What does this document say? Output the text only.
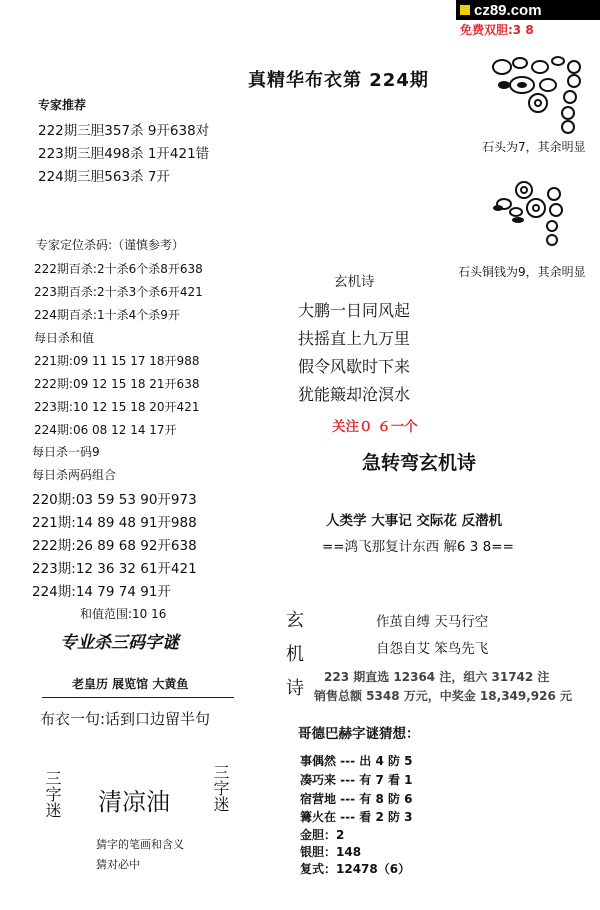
cz89.com
免费双胆:3 8
真精华布衣第 224期
石头为7，其余明显
石头铜钱为9，其余明显
专家推荐
222期三胆357杀 9开638对
223期三胆498杀 1开421错
224期三胆563杀 7开
专家定位杀码:（谨慎参考）
222期百杀:2十杀6个杀8开638
223期百杀:2十杀3个杀6开421
224期百杀:1十杀4个杀9开
每日杀和值
221期:09 11 15 17 18开988
222期:09 12 15 18 21开638
223期:10 12 15 18 20开421
224期:06 08 12 14 17开
每日杀一码9
每日杀两码组合
220期:03 59 53 90开973
221期:14 89 48 91开988
222期:26 89 68 92开638
223期:12 36 32 61开421
224期:14 79 74 91开
和值范围:10 16
专业杀三码字谜
老皇历 展览馆 大黄鱼
布衣一句:话到口边留半句
三字迷 清凉油	三字迷
猜字的笔画和含义
猜对必中
玄机诗
大鹏一日同风起
扶摇直上九万里
假令风歇时下来
犹能簸却沧溟水
关注０ ６一个
急转弯玄机诗
人类学 大事记 交际花 反潜机
==鸿飞那复计东西 解6 3 8==
玄机诗
作茧自缚 天马行空
自怨自艾 笨鸟先飞
223 期直选 12364 注，组六 31742 注
销售总额 5348 万元，中奖金 18,349,926 元
哥德巴赫字谜猜想：
事偶然 --- 出 4 防 5
凑巧来 --- 有 7 看 1
宿营地 --- 有 8 防 6
篝火在 --- 看 2 防 3
金胆：2
银胆：148
复式：12478（6）
